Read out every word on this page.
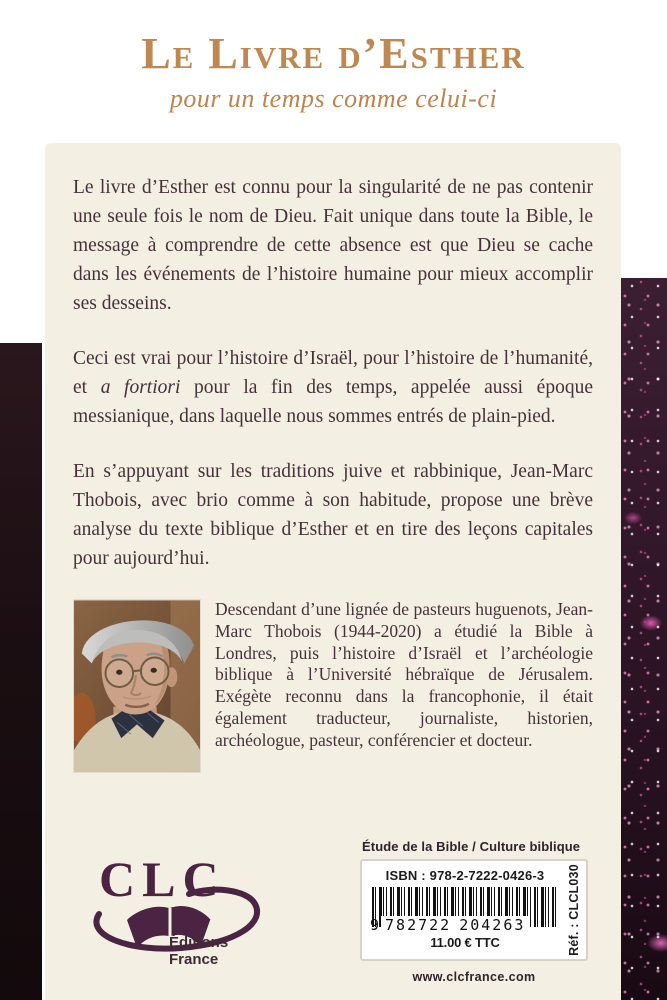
Le Livre d’Esther
pour un temps comme celui-ci

Le livre d’Esther est connu pour la singularité de ne pas contenir une seule fois le nom de Dieu. Fait unique dans toute la Bible, le message à comprendre de cette absence est que Dieu se cache dans les événements de l’histoire humaine pour mieux accomplir ses desseins.

Ceci est vrai pour l’histoire d’Israël, pour l’histoire de l’humanité, et a fortiori pour la fin des temps, appelée aussi époque messianique, dans laquelle nous sommes entrés de plain-pied.

En s’appuyant sur les traditions juive et rabbinique, Jean-Marc Thobois, avec brio comme à son habitude, propose une brève analyse du texte biblique d’Esther et en tire des leçons capitales pour aujourd’hui.

Descendant d’une lignée de pasteurs huguenots, Jean-Marc Thobois (1944-2020) a étudié la Bible à Londres, puis l’histoire d’Israël et l’archéologie biblique à l’Université hébraïque de Jérusalem. Exégète reconnu dans la francophonie, il était également traducteur, journaliste, historien, archéologue, pasteur, conférencier et docteur.
CLC
Éditions France
Étude de la Bible / Culture biblique
ISBN : 978-2-7222-0426-3
9 782722 204263
11.00 € TTC	Réf. : CLCL030
www.clcfrance.com
